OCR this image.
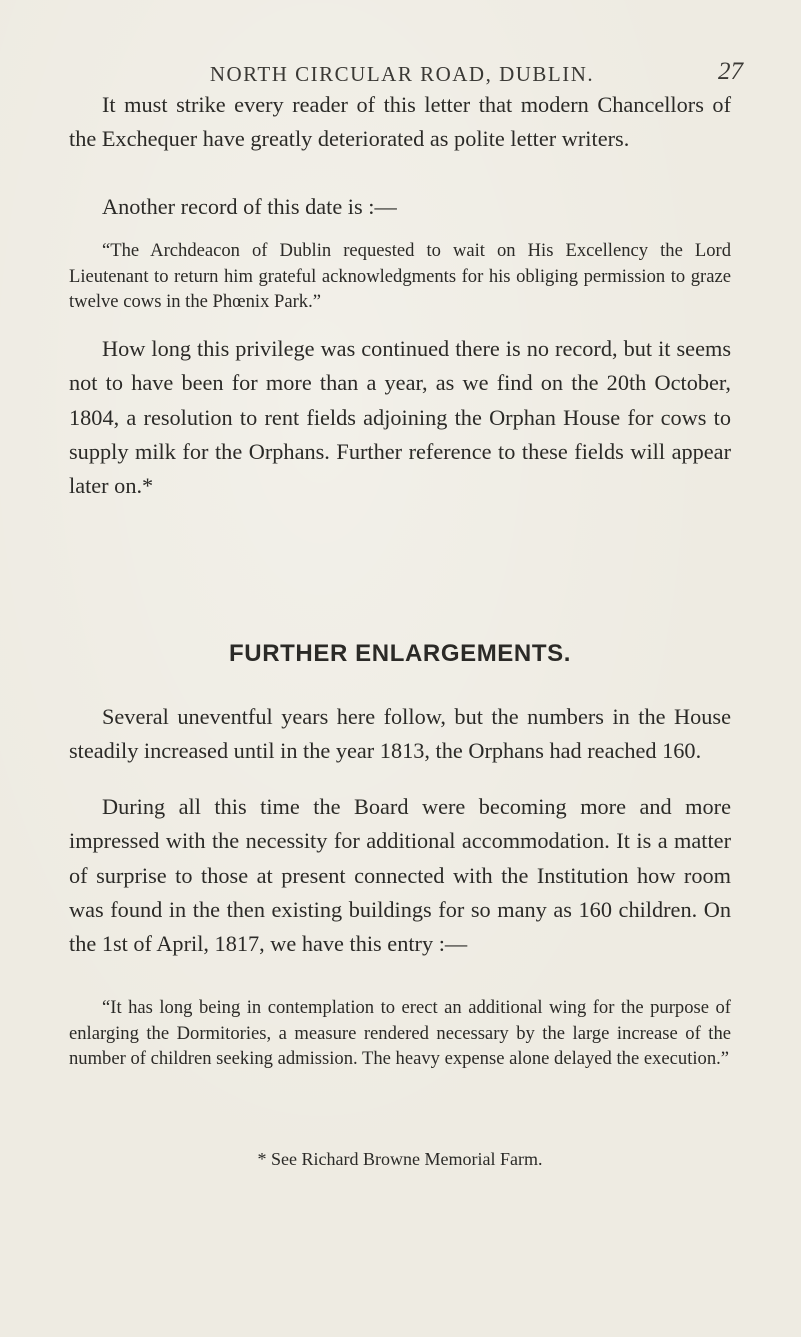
NORTH CIRCULAR ROAD, DUBLIN.	27

It must strike every reader of this letter that modern Chancellors of the Exchequer have greatly deteriorated as polite letter writers.

Another record of this date is :—

“The Archdeacon of Dublin requested to wait on His Excellency the Lord Lieutenant to return him grateful acknowledgments for his obliging permission to graze twelve cows in the Phœnix Park.”

How long this privilege was continued there is no record, but it seems not to have been for more than a year, as we find on the 20th October, 1804, a resolution to rent fields adjoining the Orphan House for cows to supply milk for the Orphans. Further reference to these fields will appear later on.*

FURTHER ENLARGEMENTS.

Several uneventful years here follow, but the numbers in the House steadily increased until in the year 1813, the Orphans had reached 160.

During all this time the Board were becoming more and more impressed with the necessity for additional accommodation. It is a matter of surprise to those at present connected with the Institution how room was found in the then existing buildings for so many as 160 children. On the 1st of April, 1817, we have this entry :—

“It has long being in contemplation to erect an additional wing for the purpose of enlarging the Dormitories, a measure rendered necessary by the large increase of the number of children seeking admission. The heavy expense alone delayed the execution.”

* See Richard Browne Memorial Farm.
